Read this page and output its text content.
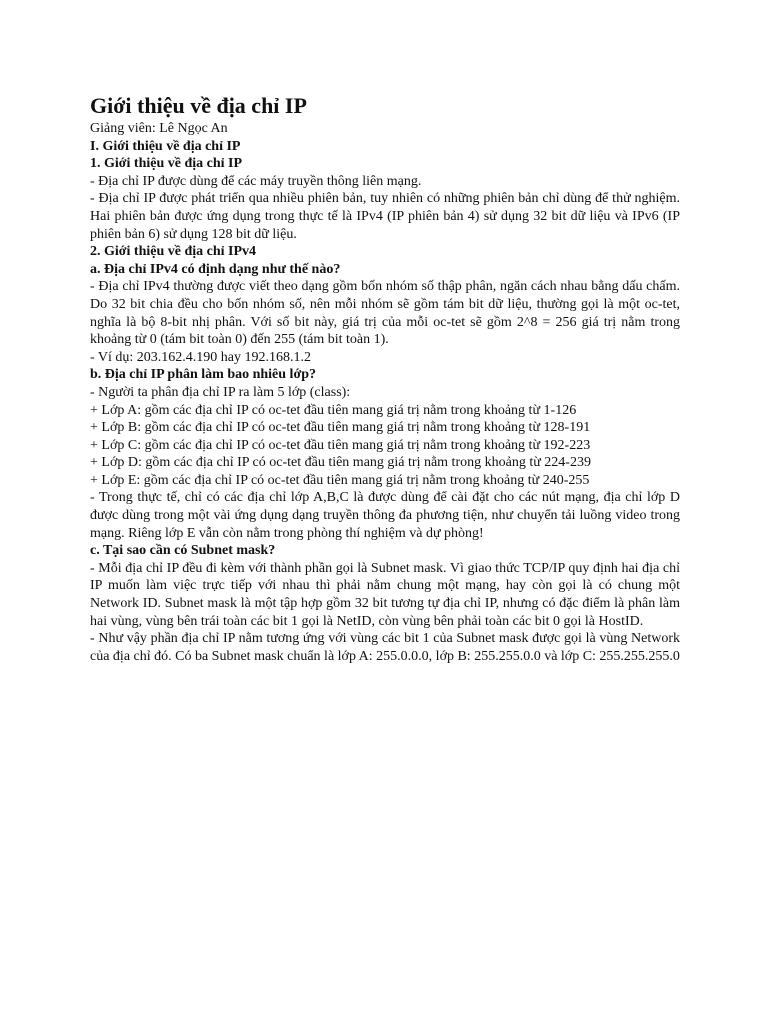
Giới thiệu về địa chỉ IP

Giảng viên: Lê Ngọc An

I. Giới thiệu về địa chỉ IP

1. Giới thiệu về địa chỉ IP

- Địa chỉ IP được dùng để các máy truyền thông liên mạng.

- Địa chỉ IP được phát triển qua nhiều phiên bản, tuy nhiên có những phiên bản chỉ dùng để thử nghiệm. Hai phiên bản được ứng dụng trong thực tế là IPv4 (IP phiên bản 4) sử dụng 32 bit dữ liệu và IPv6 (IP phiên bản 6) sử dụng 128 bit dữ liệu.

2. Giới thiệu về địa chỉ IPv4

a. Địa chỉ IPv4 có định dạng như thế nào?

- Địa chỉ IPv4 thường được viết theo dạng gồm bốn nhóm số thập phân, ngăn cách nhau bằng dấu chấm. Do 32 bit chia đều cho bốn nhóm số, nên mỗi nhóm sẽ gồm tám bit dữ liệu, thường gọi là một oc-tet, nghĩa là bộ 8-bit nhị phân. Với số bit này, giá trị của mỗi oc-tet sẽ gồm 2^8 = 256 giá trị nằm trong khoảng từ 0 (tám bit toàn 0) đến 255 (tám bit toàn 1).

- Ví dụ: 203.162.4.190 hay 192.168.1.2

b. Địa chỉ IP phân làm bao nhiêu lớp?

- Người ta phân địa chỉ IP ra làm 5 lớp (class):

+ Lớp A: gồm các địa chỉ IP có oc-tet đầu tiên mang giá trị nằm trong khoảng từ 1-126

+ Lớp B: gồm các địa chỉ IP có oc-tet đầu tiên mang giá trị nằm trong khoảng từ 128-191

+ Lớp C: gồm các địa chỉ IP có oc-tet đầu tiên mang giá trị nằm trong khoảng từ 192-223

+ Lớp D: gồm các địa chỉ IP có oc-tet đầu tiên mang giá trị nằm trong khoảng từ 224-239

+ Lớp E: gồm các địa chỉ IP có oc-tet đầu tiên mang giá trị nằm trong khoảng từ 240-255

- Trong thực tế, chỉ có các địa chỉ lớp A,B,C là được dùng để cài đặt cho các nút mạng, địa chỉ lớp D được dùng trong một vài ứng dụng dạng truyền thông đa phương tiện, như chuyển tải luồng video trong mạng. Riêng lớp E vẫn còn nằm trong phòng thí nghiệm và dự phòng!

c. Tại sao cần có Subnet mask?

- Mỗi địa chỉ IP đều đi kèm với thành phần gọi là Subnet mask. Vì giao thức TCP/IP quy định hai địa chỉ IP muốn làm việc trực tiếp với nhau thì phải nằm chung một mạng, hay còn gọi là có chung một Network ID. Subnet mask là một tập hợp gồm 32 bit tương tự địa chỉ IP, nhưng có đặc điểm là phân làm hai vùng, vùng bên trái toàn các bit 1 gọi là NetID, còn vùng bên phải toàn các bit 0 gọi là HostID.

- Như vậy phần địa chỉ IP nằm tương ứng với vùng các bit 1 của Subnet mask được gọi là vùng Network của địa chỉ đó. Có ba Subnet mask chuẩn là lớp A: 255.0.0.0, lớp B: 255.255.0.0 và lớp C: 255.255.255.0
